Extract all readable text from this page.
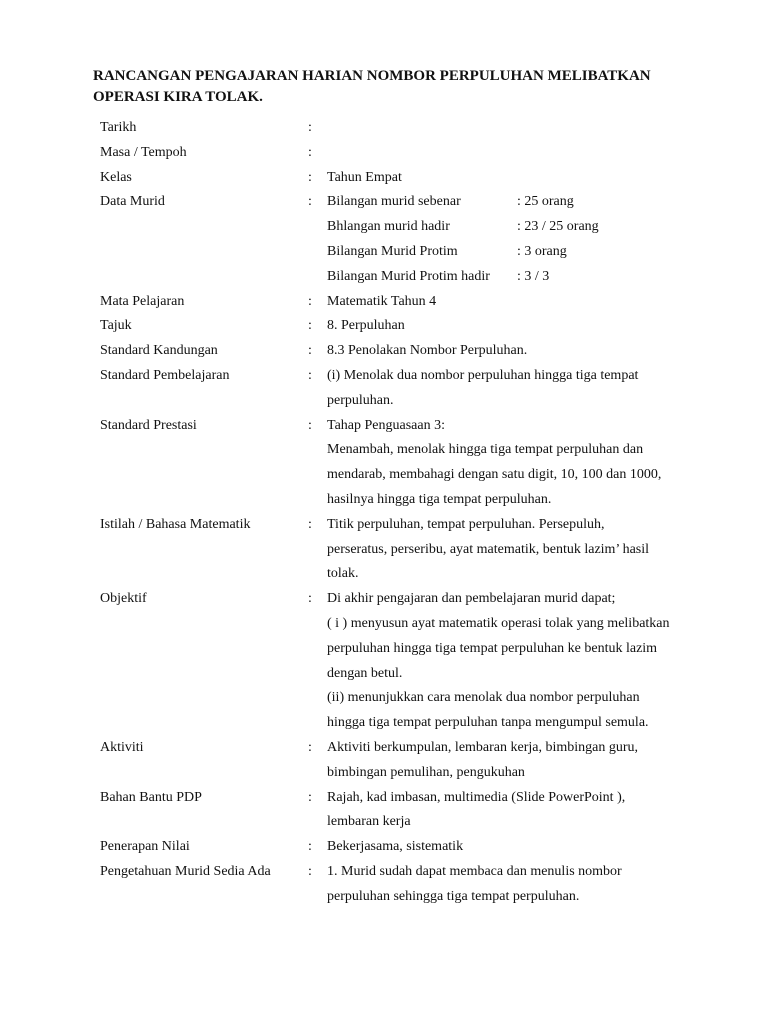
RANCANGAN PENGAJARAN HARIAN NOMBOR PERPULUHAN MELIBATKAN
OPERASI KIRA TOLAK.
Tarikh	:
Masa / Tempoh	:
Kelas	:	Tahun Empat
Data Murid	:	Bilangan murid sebenar	: 25 orang
Bhlangan murid hadir	: 23 / 25 orang
Bilangan Murid Protim	: 3 orang
Bilangan Murid Protim hadir	: 3 / 3
Mata Pelajaran	:	Matematik Tahun 4
Tajuk	:	8. Perpuluhan
Standard Kandungan	:	8.3 Penolakan Nombor Perpuluhan.
Standard Pembelajaran	:	(i) Menolak dua nombor perpuluhan hingga tiga tempat
perpuluhan.
Standard Prestasi	:	Tahap Penguasaan 3:
Menambah, menolak hingga tiga tempat perpuluhan dan
mendarab, membahagi dengan satu digit, 10, 100 dan 1000,
hasilnya hingga tiga tempat perpuluhan.
Istilah / Bahasa Matematik	:	Titik perpuluhan, tempat perpuluhan. Persepuluh,
perseratus, perseribu, ayat matematik, bentuk lazim’ hasil
tolak.
Objektif	:	Di akhir pengajaran dan pembelajaran murid dapat;
( i ) menyusun ayat matematik operasi tolak yang melibatkan
perpuluhan hingga tiga tempat perpuluhan ke bentuk lazim
dengan betul.
(ii) menunjukkan cara menolak dua nombor perpuluhan
hingga tiga tempat perpuluhan tanpa mengumpul semula.
Aktiviti	:	Aktiviti berkumpulan, lembaran kerja, bimbingan guru,
bimbingan pemulihan, pengukuhan
Bahan Bantu PDP	:	Rajah, kad imbasan, multimedia (Slide PowerPoint ),
lembaran kerja
Penerapan Nilai	:	Bekerjasama, sistematik
Pengetahuan Murid Sedia Ada	:	1. Murid sudah dapat membaca dan menulis nombor
perpuluhan sehingga tiga tempat perpuluhan.
